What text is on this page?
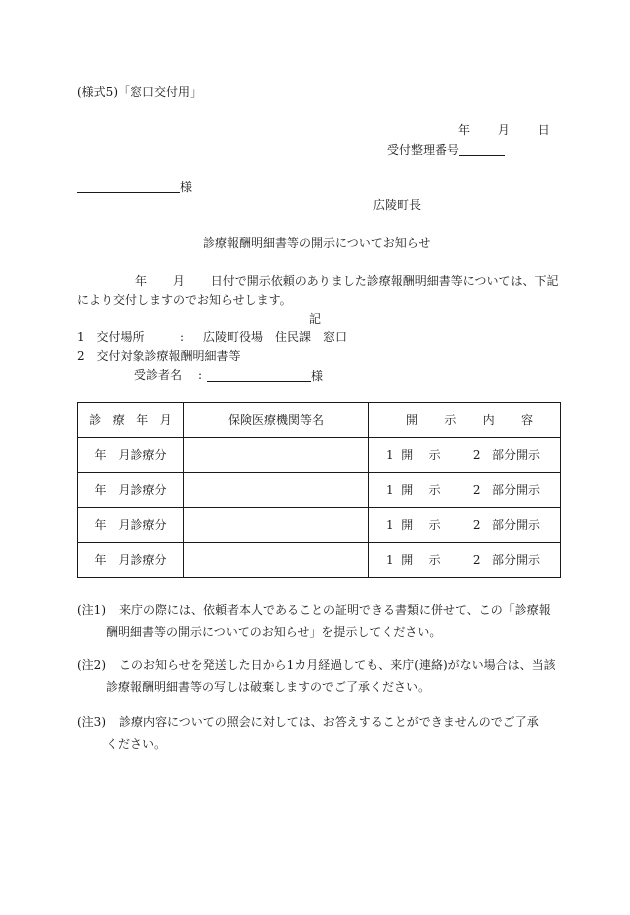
(様式5)「窓口交付用」
年 月 日
受付整理番号
様
広陵町長
診療報酬明細書等の開示についてお知らせ
年 月 日付で開示依頼のありました診療報酬明細書等については、下記
により交付しますのでお知らせします。
記
1 交付場所	: 広陵町役場　住民課　窓口
2 交付対象診療報酬明細書等
受診者名 :	様
診 療 年 月	保険医療機関等名	開 示 内 容

年　月診療分		1 開 示 2 部分開示

年　月診療分		1 開 示 2 部分開示

年　月診療分		1 開 示 2 部分開示

年　月診療分		1 開 示 2 部分開示
(注1) 来庁の際には、依頼者本人であることの証明できる書類に併せて、この「診療報
酬明細書等の開示についてのお知らせ」を提示してください。
(注2) このお知らせを発送した日から1カ月経過しても、来庁(連絡)がない場合は、当該
診療報酬明細書等の写しは破棄しますのでご了承ください。
(注3) 診療内容についての照会に対しては、お答えすることができませんのでご了承
ください。
